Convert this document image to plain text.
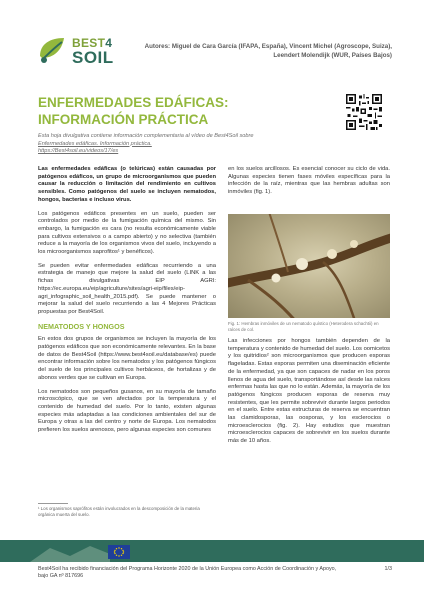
BEST4
SOIL
Autores: Miguel de Cara García (IFAPA, España), Vincent Michel (Agroscope, Suiza),
Leendert Molendijk (WUR, Países Bajos)
ENFERMEDADES EDÁFICAS:
INFORMACIÓN PRÁCTICA
Esta hoja divulgativa contiene información complementaria al vídeo de Best4Soil sobre
Enfermedades edáficas. Información práctica.
https://Best4soil.eu/videos/17/es

Las enfermedades edáficas (o telúricas) están causadas por patógenos edáficos, un grupo de microorganismos que pueden causar la reducción o limitación del rendimiento en cultivos sensibles. Como patógenos del suelo se incluyen nematodos, hongos, bacterias e incluso virus.

Los patógenos edáficos presentes en un suelo, pueden ser controlados por medio de la fumigación química del mismo. Sin embargo, la fumigación es cara (no resulta económicamente viable para cultivos extensivos o a campo abierto) y no selectiva (también reduce a la mayoría de los organismos vivos del suelo, incluyendo a los microorganismos saprofitos¹ y benéficos).

Se pueden evitar enfermedades edáficas recurriendo a una estrategia de manejo que mejore la salud del suelo (LINK a las fichas divulgativas EIP AGRI: https://ec.europa.eu/eip/agriculture/sites/agri-eip/files/eip-agri_infographic_soil_health_2015.pdf). Se puede mantener o mejorar la salud del suelo recurriendo a las 4 Mejores Prácticas propuestas por Best4Soil.

NEMATODOS Y HONGOS

En estos dos grupos de organismos se incluyen la mayoría de los patógenos edáficos que son económicamente relevantes. En la base de datos de Best4Soil (https://www.best4soil.eu/database/es) puede encontrar información sobre los nematodos y los patógenos fúngicos del suelo de los principales cultivos herbáceos, de hortalizas y de abonos verdes que se cultivan en Europa.

Los nematodos son pequeños gusanos, en su mayoría de tamaño microscópico, que se ven afectados por la temperatura y el contenido de humedad del suelo. Por lo tanto, existen algunas especies más adaptadas a las condiciones ambientales del sur de Europa y otras a las del centro y norte de Europa. Los nematodos prefieren los suelos arenosos, pero algunas especies son comunes

¹ Los organismos saprófitos están involucrados en la descomposición de la materia orgánica muerta del suelo.

en los suelos arcillosos. Es esencial conocer su ciclo de vida. Algunas especies tienen fases móviles específicas para la infección de la raíz, mientras que las hembras adultas son inmóviles (fig. 1).

Fig. 1: Hembras inmóviles de un nematodo quístico (Heterodera schachtii) en raíces de col.

Las infecciones por hongos también dependen de la temperatura y contenido de humedad del suelo. Los oomicetos y los quitridios² son microorganismos que producen esporas flageladas. Estas esporas permiten una diseminación eficiente de la enfermedad, ya que son capaces de nadar en los poros llenos de agua del suelo, transportándose así desde las raíces enfermas hasta las que no lo están. Además, la mayoría de los patógenos fúngicos producen esporas de reserva muy resistentes, que les permite sobrevivir durante largos periodos en el suelo. Entre estas estructuras de reserva se encuentran las clamidosporas, las oosporas, y los esclerocios o microesclerocios (fig. 2). Hay estudios que muestran microesclerocios capaces de sobrevivir en los suelos durante más de 10 años.

Best4Soil ha recibido financiación del Programa Horizonte 2020 de la Unión Europea como Acción de Coordinación y Apoyo, bajo GA nº 817696
1/3
